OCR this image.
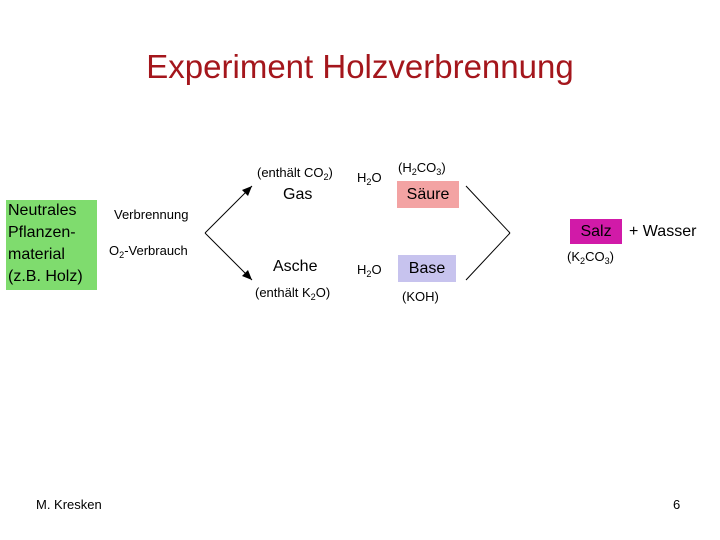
Experiment Holzverbrennung
Neutrales
Pflanzen-
material
(z.B. Holz)
Verbrennung
$O_2$-Verbrauch
(enthält $CO_2$)
Gas
$H_2O$
$(H_2CO_3)$
Säure
Asche
(enthält $K_2O$)
$H_2O$	Base
(KOH)
Salz	+ Wasser
$(K_2CO_3)$
M. Kresken	6
